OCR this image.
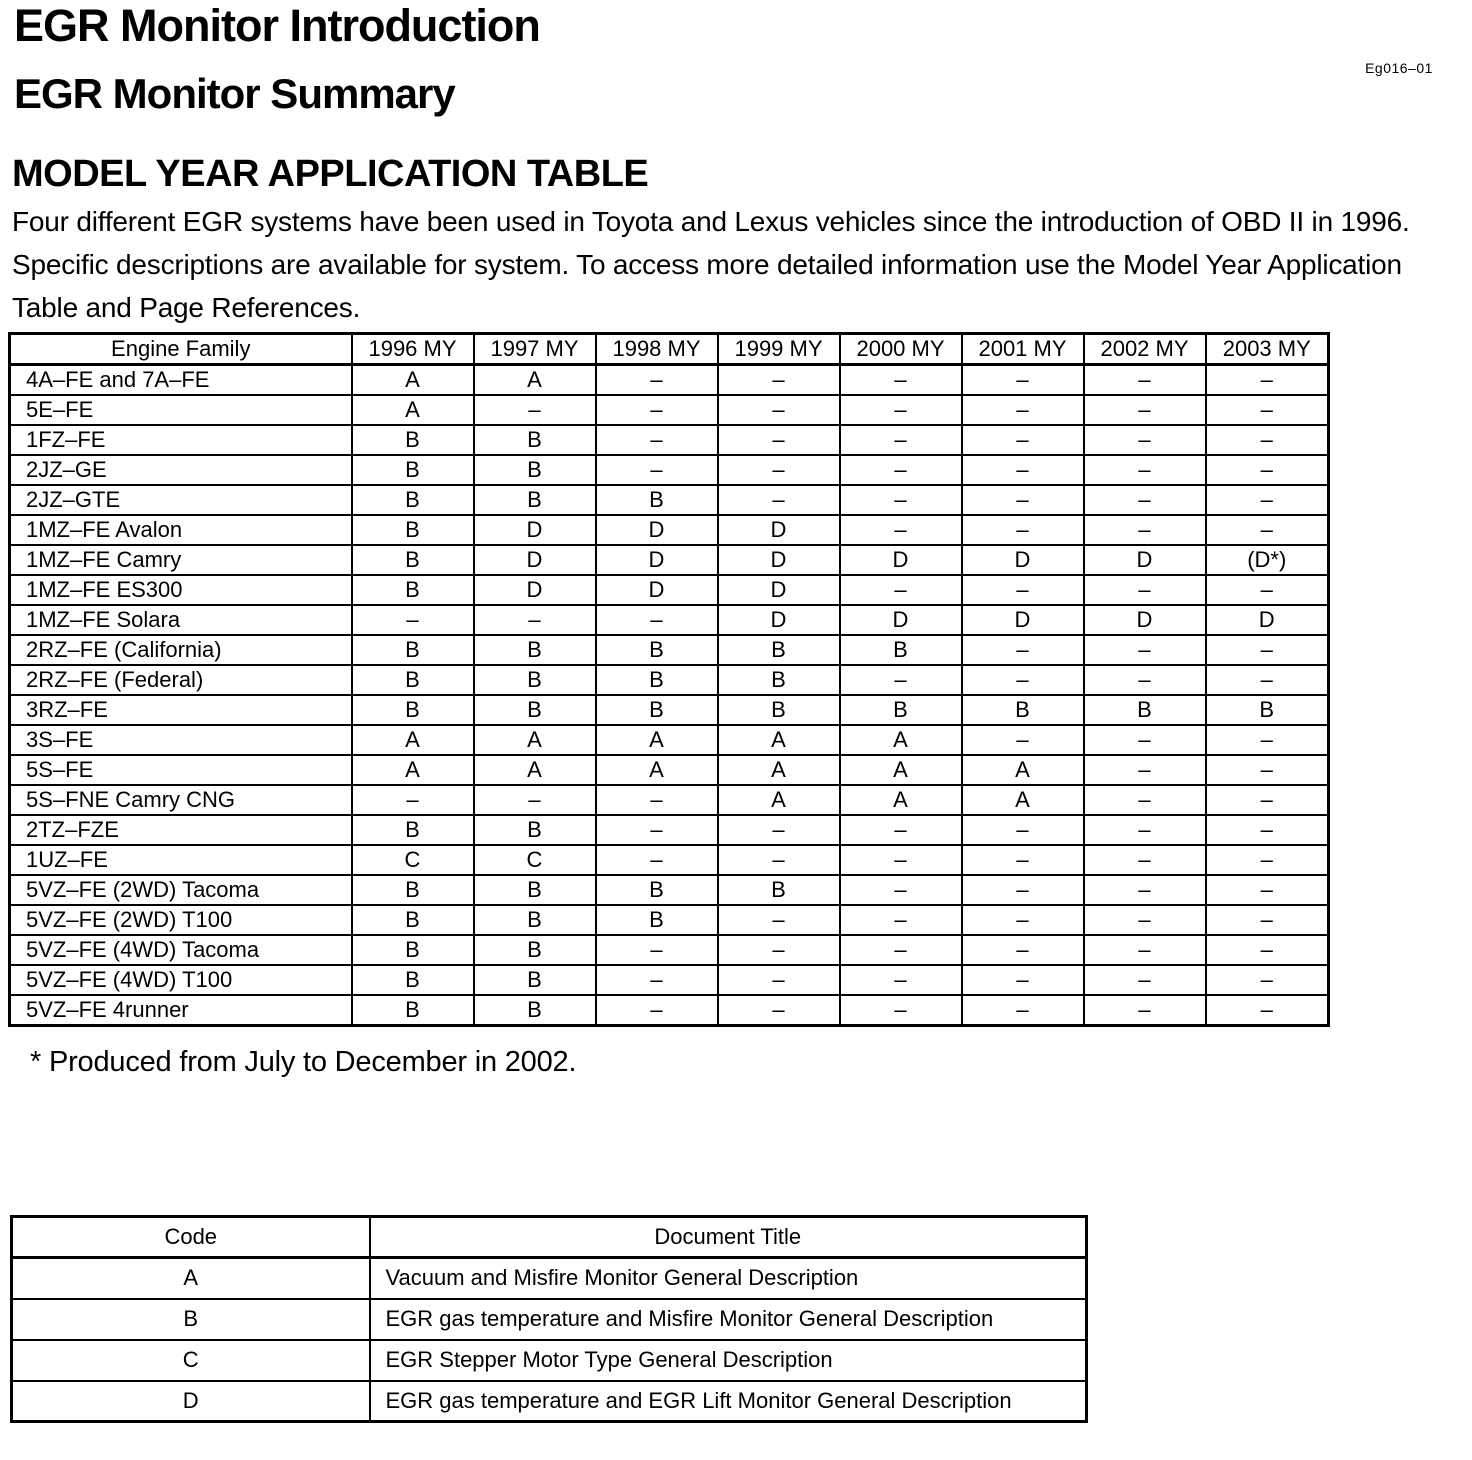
EGR Monitor Introduction
Eg016–01
EGR Monitor Summary
MODEL YEAR APPLICATION TABLE

Four different EGR systems have been used in Toyota and Lexus vehicles since the introduction of OBD II in 1996. Specific descriptions are available for system. To access more detailed information use the Model Year Application Table and Page References.

Engine Family	1996 MY	1997 MY	1998 MY	1999 MY	2000 MY	2001 MY	2002 MY	2003 MY
4A–FE and 7A–FE	A	A	–	–	–	–	–	–
5E–FE	A	–	–	–	–	–	–	–
1FZ–FE	B	B	–	–	–	–	–	–
2JZ–GE	B	B	–	–	–	–	–	–
2JZ–GTE	B	B	B	–	–	–	–	–
1MZ–FE Avalon	B	D	D	D	–	–	–	–
1MZ–FE Camry	B	D	D	D	D	D	D	(D*)
1MZ–FE ES300	B	D	D	D	–	–	–	–
1MZ–FE Solara	–	–	–	D	D	D	D	D
2RZ–FE (California)	B	B	B	B	B	–	–	–
2RZ–FE (Federal)	B	B	B	B	–	–	–	–
3RZ–FE	B	B	B	B	B	B	B	B
3S–FE	A	A	A	A	A	–	–	–
5S–FE	A	A	A	A	A	A	–	–
5S–FNE Camry CNG	–	–	–	A	A	A	–	–
2TZ–FZE	B	B	–	–	–	–	–	–
1UZ–FE	C	C	–	–	–	–	–	–
5VZ–FE (2WD) Tacoma	B	B	B	B	–	–	–	–
5VZ–FE (2WD) T100	B	B	B	–	–	–	–	–
5VZ–FE (4WD) Tacoma	B	B	–	–	–	–	–	–
5VZ–FE (4WD) T100	B	B	–	–	–	–	–	–
5VZ–FE 4runner	B	B	–	–	–	–	–	–
* Produced from July to December in 2002.
Code	Document Title
A	Vacuum and Misfire Monitor General Description
B	EGR gas temperature and Misfire Monitor General Description
C	EGR Stepper Motor Type General Description
D	EGR gas temperature and EGR Lift Monitor General Description
